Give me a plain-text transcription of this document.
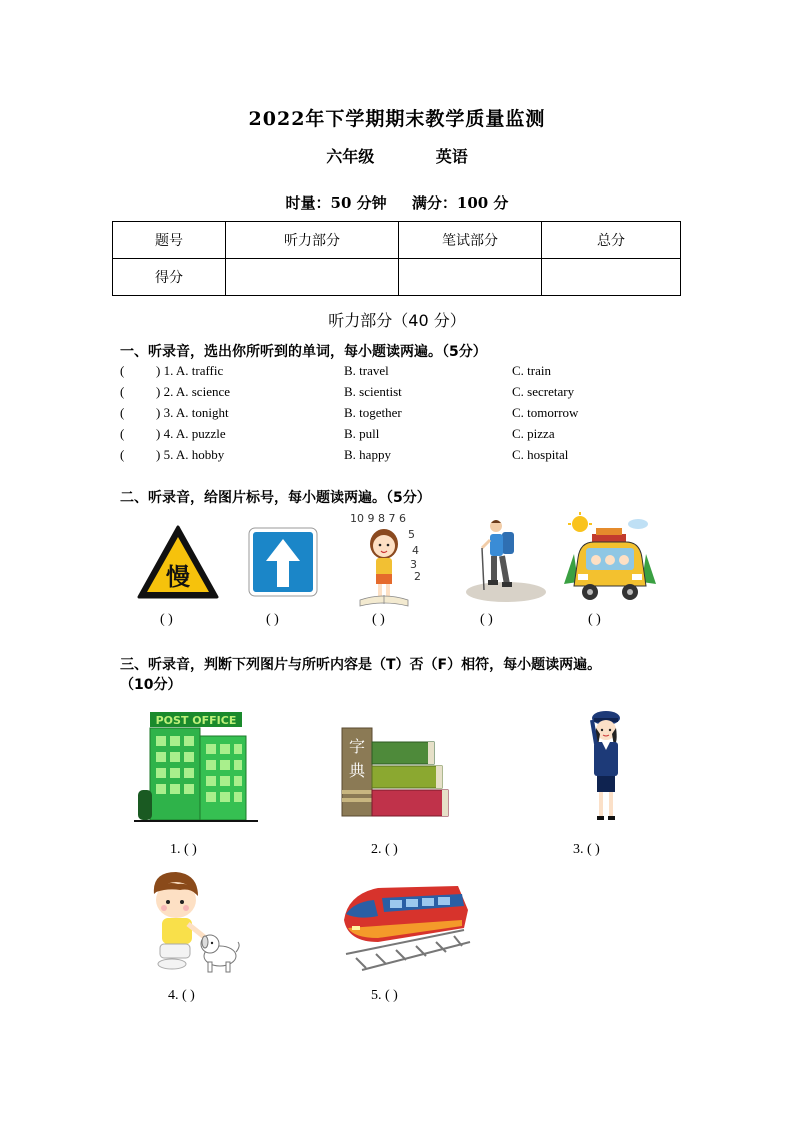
2022年下学期期末教学质量监测
六年级	英语
时量：50 分钟 满分：100 分
题号	听力部分	笔试部分	总分
得分			
听力部分（40 分）
一、听录音，选出你所听到的单词，每小题读两遍。（5分）
( ) 1. A. traffic	B. travel	C. train
( ) 2. A. science	B. scientist	C. secretary
( ) 3. A. tonight	B. together	C. tomorrow
( ) 4. A. puzzle	B. pull	C. pizza
( ) 5. A. hobby	B. happy	C. hospital
二、听录音，给图片标号，每小题读两遍。（5分）
慢
10 9 8 7 6
5
4
3
2
( )	( )	( )	( )	( )
三、听录音，判断下列图片与所听内容是（T）否（F）相符，每小题读两遍。
（10分）
POST OFFICE
字
典
1. ( )	2. ( )	3. ( )
4. ( )	5. ( )
